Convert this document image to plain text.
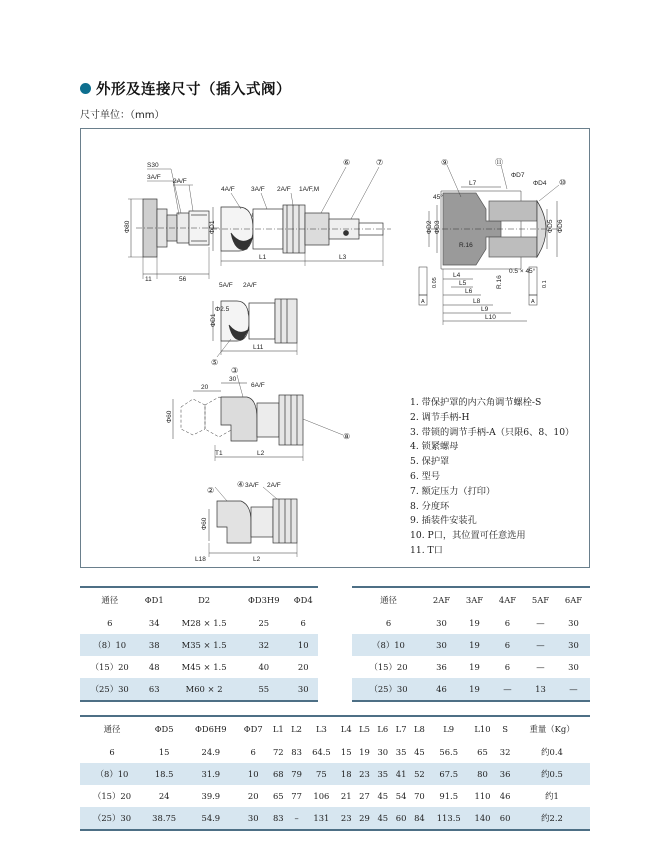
外形及连接尺寸（插入式阀）
尺寸单位：（mm）
S30
3A/F
2A/F
Φ80
11	56
4A/F	3A/F 2A/F 1A/F,M
ΦD1
L1	L3
⑥	⑦	⑨	⑪
ΦD7
ΦD4 ⑩
L7
45°
ΦD2 ΦD3	ΦD5 ΦD6
R.16
L4
L5
L6
L8
L9
L10
R.16
0.5 × 45°
0.05
A
0.1
A
5A/F 2A/F
Φ2.5
ΦD1
L11
⑤
③
6A/F
20
30
Φ60
T1	L2
⑧
②
④ 3A/F 2A/F
Φ60
L18	L2
1. 带保护罩的内六角调节螺栓-S
2. 调节手柄-H
3. 带锁的调节手柄-A（只限6、8、10）
4. 锁紧螺母
5. 保护罩
6. 型号
7. 额定压力（打印）
8. 分度环
9. 插装件安装孔
10. P口，其位置可任意选用
11. T口
通径	ΦD1	D2	ΦD3H9	ΦD4
6	34	M28 × 1.5	25	6
（8）10	38	M35 × 1.5	32	10
（15）20	48	M45 × 1.5	40	20
（25）30	63	M60 × 2	55	30
通径	2AF	3AF	4AF	5AF	6AF
6	30	19	6	—	30
（8）10	30	19	6	—	30
（15）20	36	19	6	—	30
（25）30	46	19	—	13	—
通径	ΦD5	ΦD6H9	ΦD7	L1	L2	L3	L4	L5	L6	L7	L8	L9	L10	S	重量（Kg）
6	15	24.9	6	72	83	64.5	15	19	30	35	45	56.5	65	32	约0.4
（8）10	18.5	31.9	10	68	79	75	18	23	35	41	52	67.5	80	36	约0.5
（15）20	24	39.9	20	65	77	106	21	27	45	54	70	91.5	110	46	约1
（25）30	38.75	54.9	30	83	–	131	23	29	45	60	84	113.5	140	60	约2.2
